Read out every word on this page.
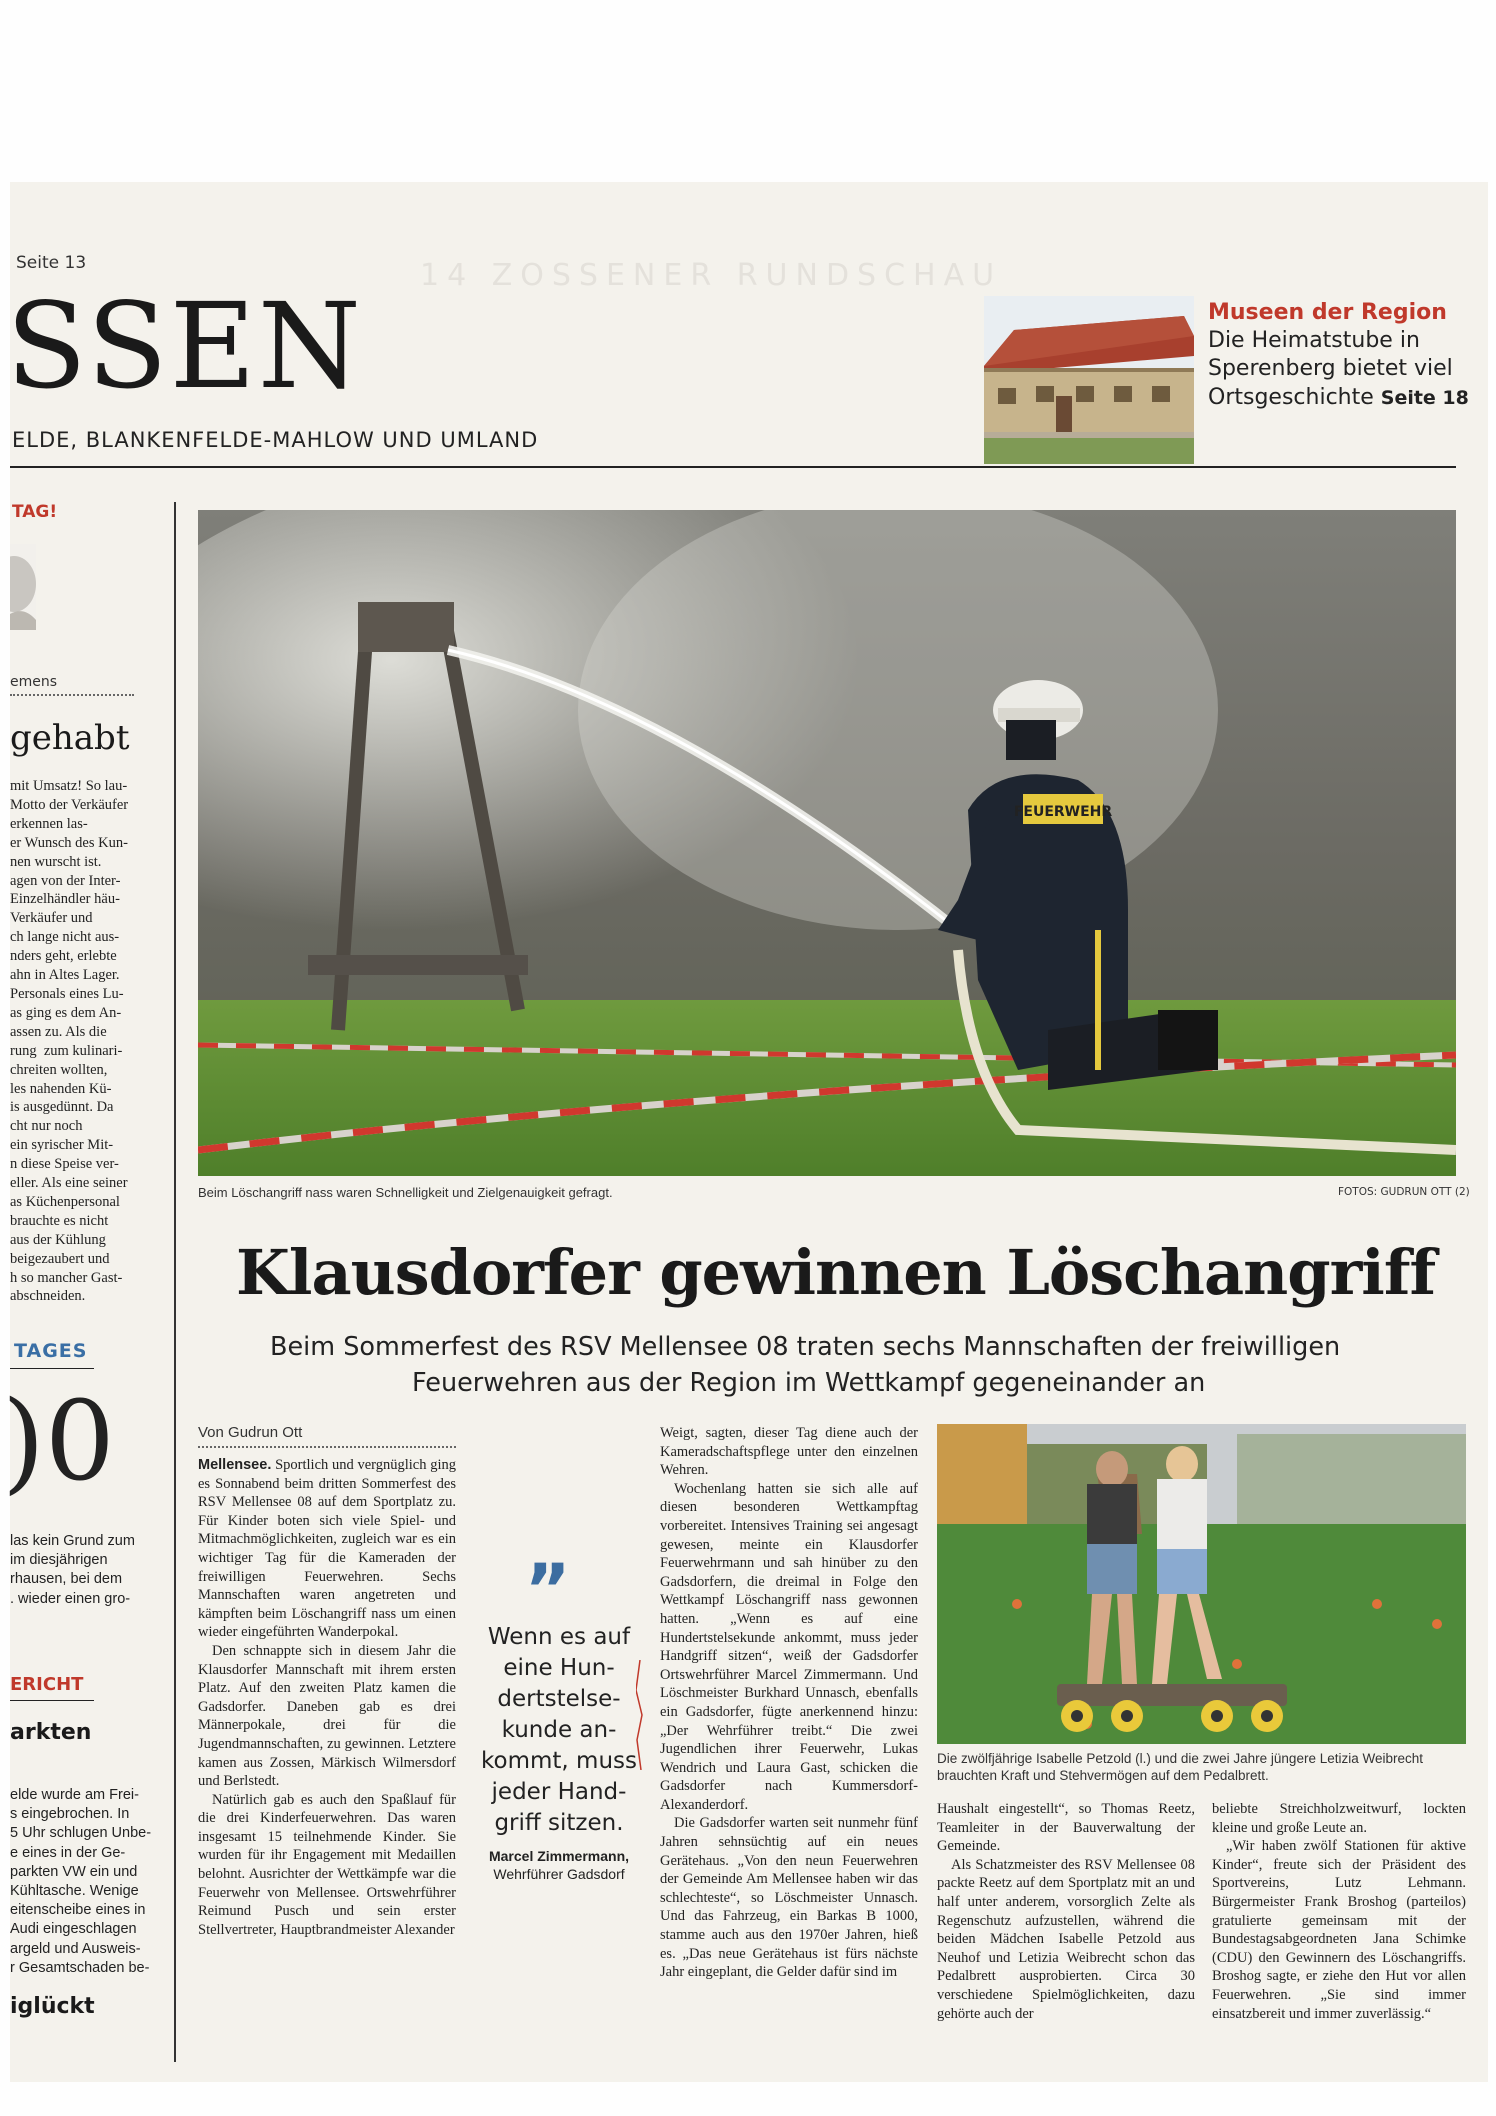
14 ZOSSENER RUNDSCHAU
Seite 13
SSEN
ELDE, BLANKENFELDE-MAHLOW UND UMLAND
Museen der Region
Die Heimatstube in
Sperenberg bietet viel
Ortsgeschichte Seite 18
TAG!
emens
gehabt
mit Umsatz! So lau-
Motto der Verkäufer
erkennen las-
er Wunsch des Kun-
nen wurscht ist.
agen von der Inter-
Einzelhändler häu-
Verkäufer und
ch lange nicht aus-
nders geht, erlebte
ahn in Altes Lager.
Personals eines Lu-
as ging es dem An-
assen zu. Als die
rung  zum kulinari-
chreiten wollten,
les nahenden Kü-
is ausgedünnt. Da
cht nur noch
ein syrischer Mit-
n diese Speise ver-
eller. Als eine seiner
as Küchenpersonal
brauchte es nicht
aus der Kühlung
beigezaubert und
h so mancher Gast-
abschneiden.
TAGES
)0
las kein Grund zum
im diesjährigen
rhausen, bei dem
. wieder einen gro-
ERICHT
arkten
elde wurde am Frei-
s eingebrochen. In
5 Uhr schlugen Unbe-
e eines in der Ge-
parkten VW ein und
Kühltasche. Wenige
eitenscheibe eines in
Audi eingeschlagen
argeld und Ausweis-
r Gesamtschaden be-
iglückt
FEUERWEHR
Beim Löschangriff nass waren Schnelligkeit und Zielgenauigkeit gefragt.	FOTOS: GUDRUN OTT (2)
Klausdorfer gewinnen Löschangriff
Beim Sommerfest des RSV Mellensee 08 traten sechs Mannschaften der freiwilligen
Feuerwehren aus der Region im Wettkampf gegeneinander an
Von Gudrun Ott

Mellensee. Sportlich und vergnüglich ging es Sonnabend beim dritten Sommerfest des RSV Mellensee 08 auf dem Sportplatz zu. Für Kinder boten sich viele Spiel- und Mitmachmöglichkeiten, zugleich war es ein wichtiger Tag für die Kameraden der freiwilligen Feuerwehren. Sechs Mannschaften waren angetreten und kämpften beim Löschangriff nass um einen wieder eingeführten Wanderpokal.

Den schnappte sich in diesem Jahr die Klausdorfer Mannschaft mit ihrem ersten Platz. Auf den zweiten Platz kamen die Gadsdorfer. Daneben gab es drei Männerpokale, drei für die Jugendmannschaften, zu gewinnen. Letztere kamen aus Zossen, Märkisch Wilmersdorf und Berlstedt.

Natürlich gab es auch den Spaßlauf für die drei Kinderfeuerwehren. Das waren insgesamt 15 teilnehmende Kinder. Sie wurden für ihr Engagement mit Medaillen belohnt. Ausrichter der Wettkämpfe war die Feuerwehr von Mellensee. Ortswehrführer Reimund Pusch und sein erster Stellvertreter, Hauptbrandmeister Alexander

„
Wenn es auf
eine Hun-
dertstelse-
kunde an-
kommt, muss
jeder Hand-
griff sitzen.
Marcel Zimmermann,
Wehrführer Gadsdorf

Weigt, sagten, dieser Tag diene auch der Kameradschaftspflege unter den einzelnen Wehren.

Wochenlang hatten sie sich alle auf diesen besonderen Wettkampftag vorbereitet. Intensives Training sei angesagt gewesen, meinte ein Klausdorfer Feuerwehrmann und sah hinüber zu den Gadsdorfern, die dreimal in Folge den Wettkampf Löschangriff nass gewonnen hatten. „Wenn es auf eine Hundertstelsekunde ankommt, muss jeder Handgriff sitzen“, weiß der Gadsdorfer Ortswehrführer Marcel Zimmermann. Und Löschmeister Burkhard Unnasch, ebenfalls ein Gadsdorfer, fügte anerkennend hinzu: „Der Wehrführer treibt.“ Die zwei Jugendlichen ihrer Feuerwehr, Lukas Wendrich und Laura Gast, schicken die Gadsdorfer nach Kummersdorf-Alexanderdorf.

Die Gadsdorfer warten seit nunmehr fünf Jahren sehnsüchtig auf ein neues Gerätehaus. „Von den neun Feuerwehren der Gemeinde Am Mellensee haben wir das schlechteste“, so Löschmeister Unnasch. Und das Fahrzeug, ein Barkas B 1000, stamme auch aus den 1970er Jahren, hieß es. „Das neue Gerätehaus ist fürs nächste Jahr eingeplant, die Gelder dafür sind im

Die zwölfjährige Isabelle Petzold (l.) und die zwei Jahre jüngere Letizia Weibrecht brauchten Kraft und Stehvermögen auf dem Pedalbrett.

Haushalt eingestellt“, so Thomas Reetz, Teamleiter in der Bauverwaltung der Gemeinde.

Als Schatzmeister des RSV Mellensee 08 packte Reetz auf dem Sportplatz mit an und half unter anderem, vorsorglich Zelte als Regenschutz aufzustellen, während die beiden Mädchen Isabelle Petzold aus Neuhof und Letizia Weibrecht schon das Pedalbrett ausprobierten. Circa 30 verschiedene Spielmöglichkeiten, dazu gehörte auch der

beliebte Streichholzweitwurf, lockten kleine und große Leute an.

„Wir haben zwölf Stationen für aktive Kinder“, freute sich der Präsident des Sportvereins, Lutz Lehmann. Bürgermeister Frank Broshog (parteilos) gratulierte gemeinsam mit der Bundestagsabgeordneten Jana Schimke (CDU) den Gewinnern des Löschangriffs. Broshog sagte, er ziehe den Hut vor allen Feuerwehren. „Sie sind immer einsatzbereit und immer zuverlässig.“
